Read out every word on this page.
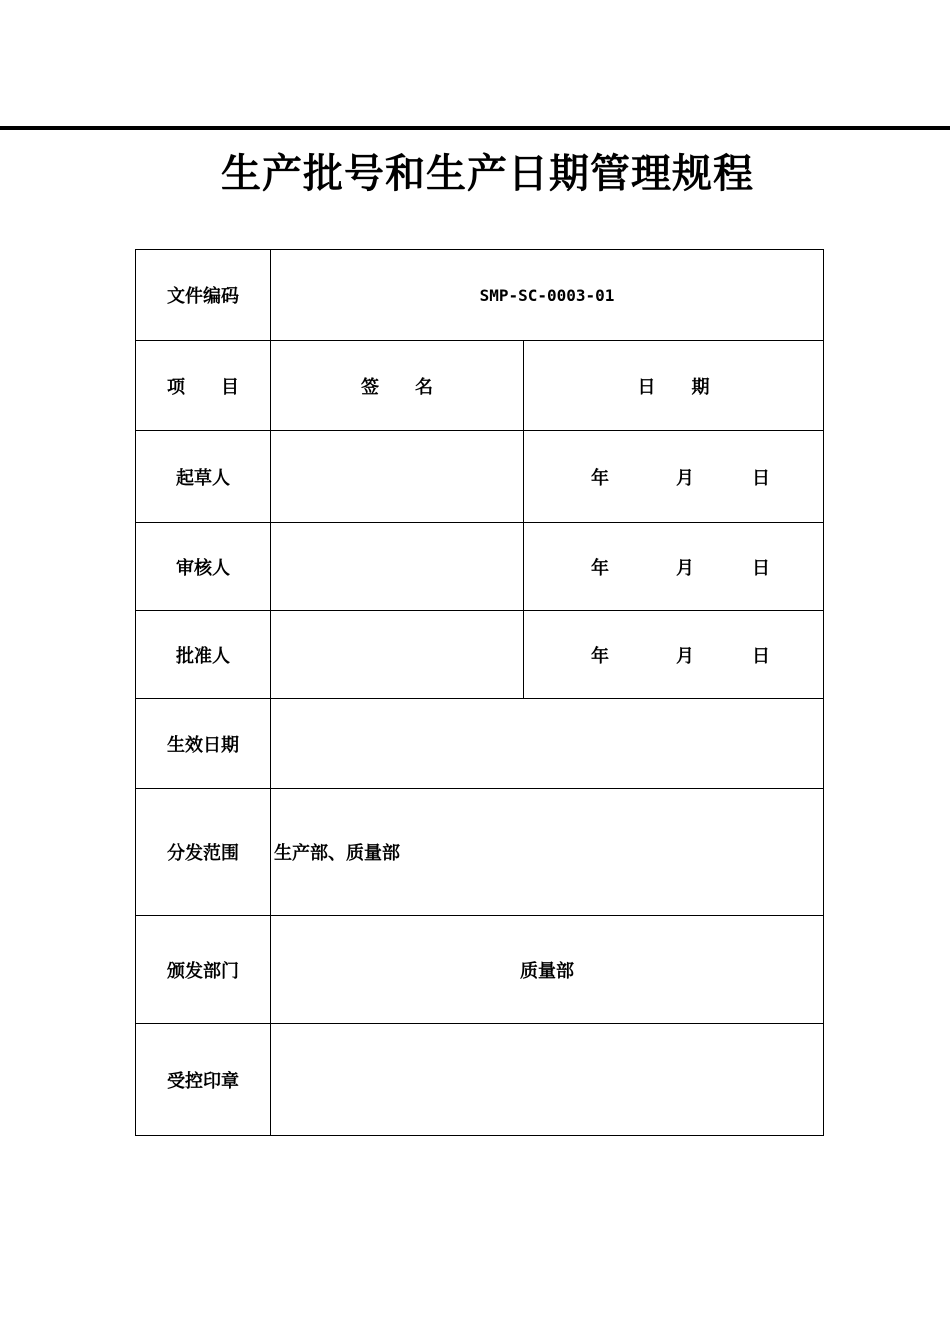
生产批号和生产日期管理规程
文件编码	SMP-SC-0003-01	
项　　目	签　　名	日　　期
起草人		年 月 日

审核人		年 月 日

批准人		年 月 日

生效日期		
分发范围	生产部、质量部	
颁发部门	质量部	
受控印章		
